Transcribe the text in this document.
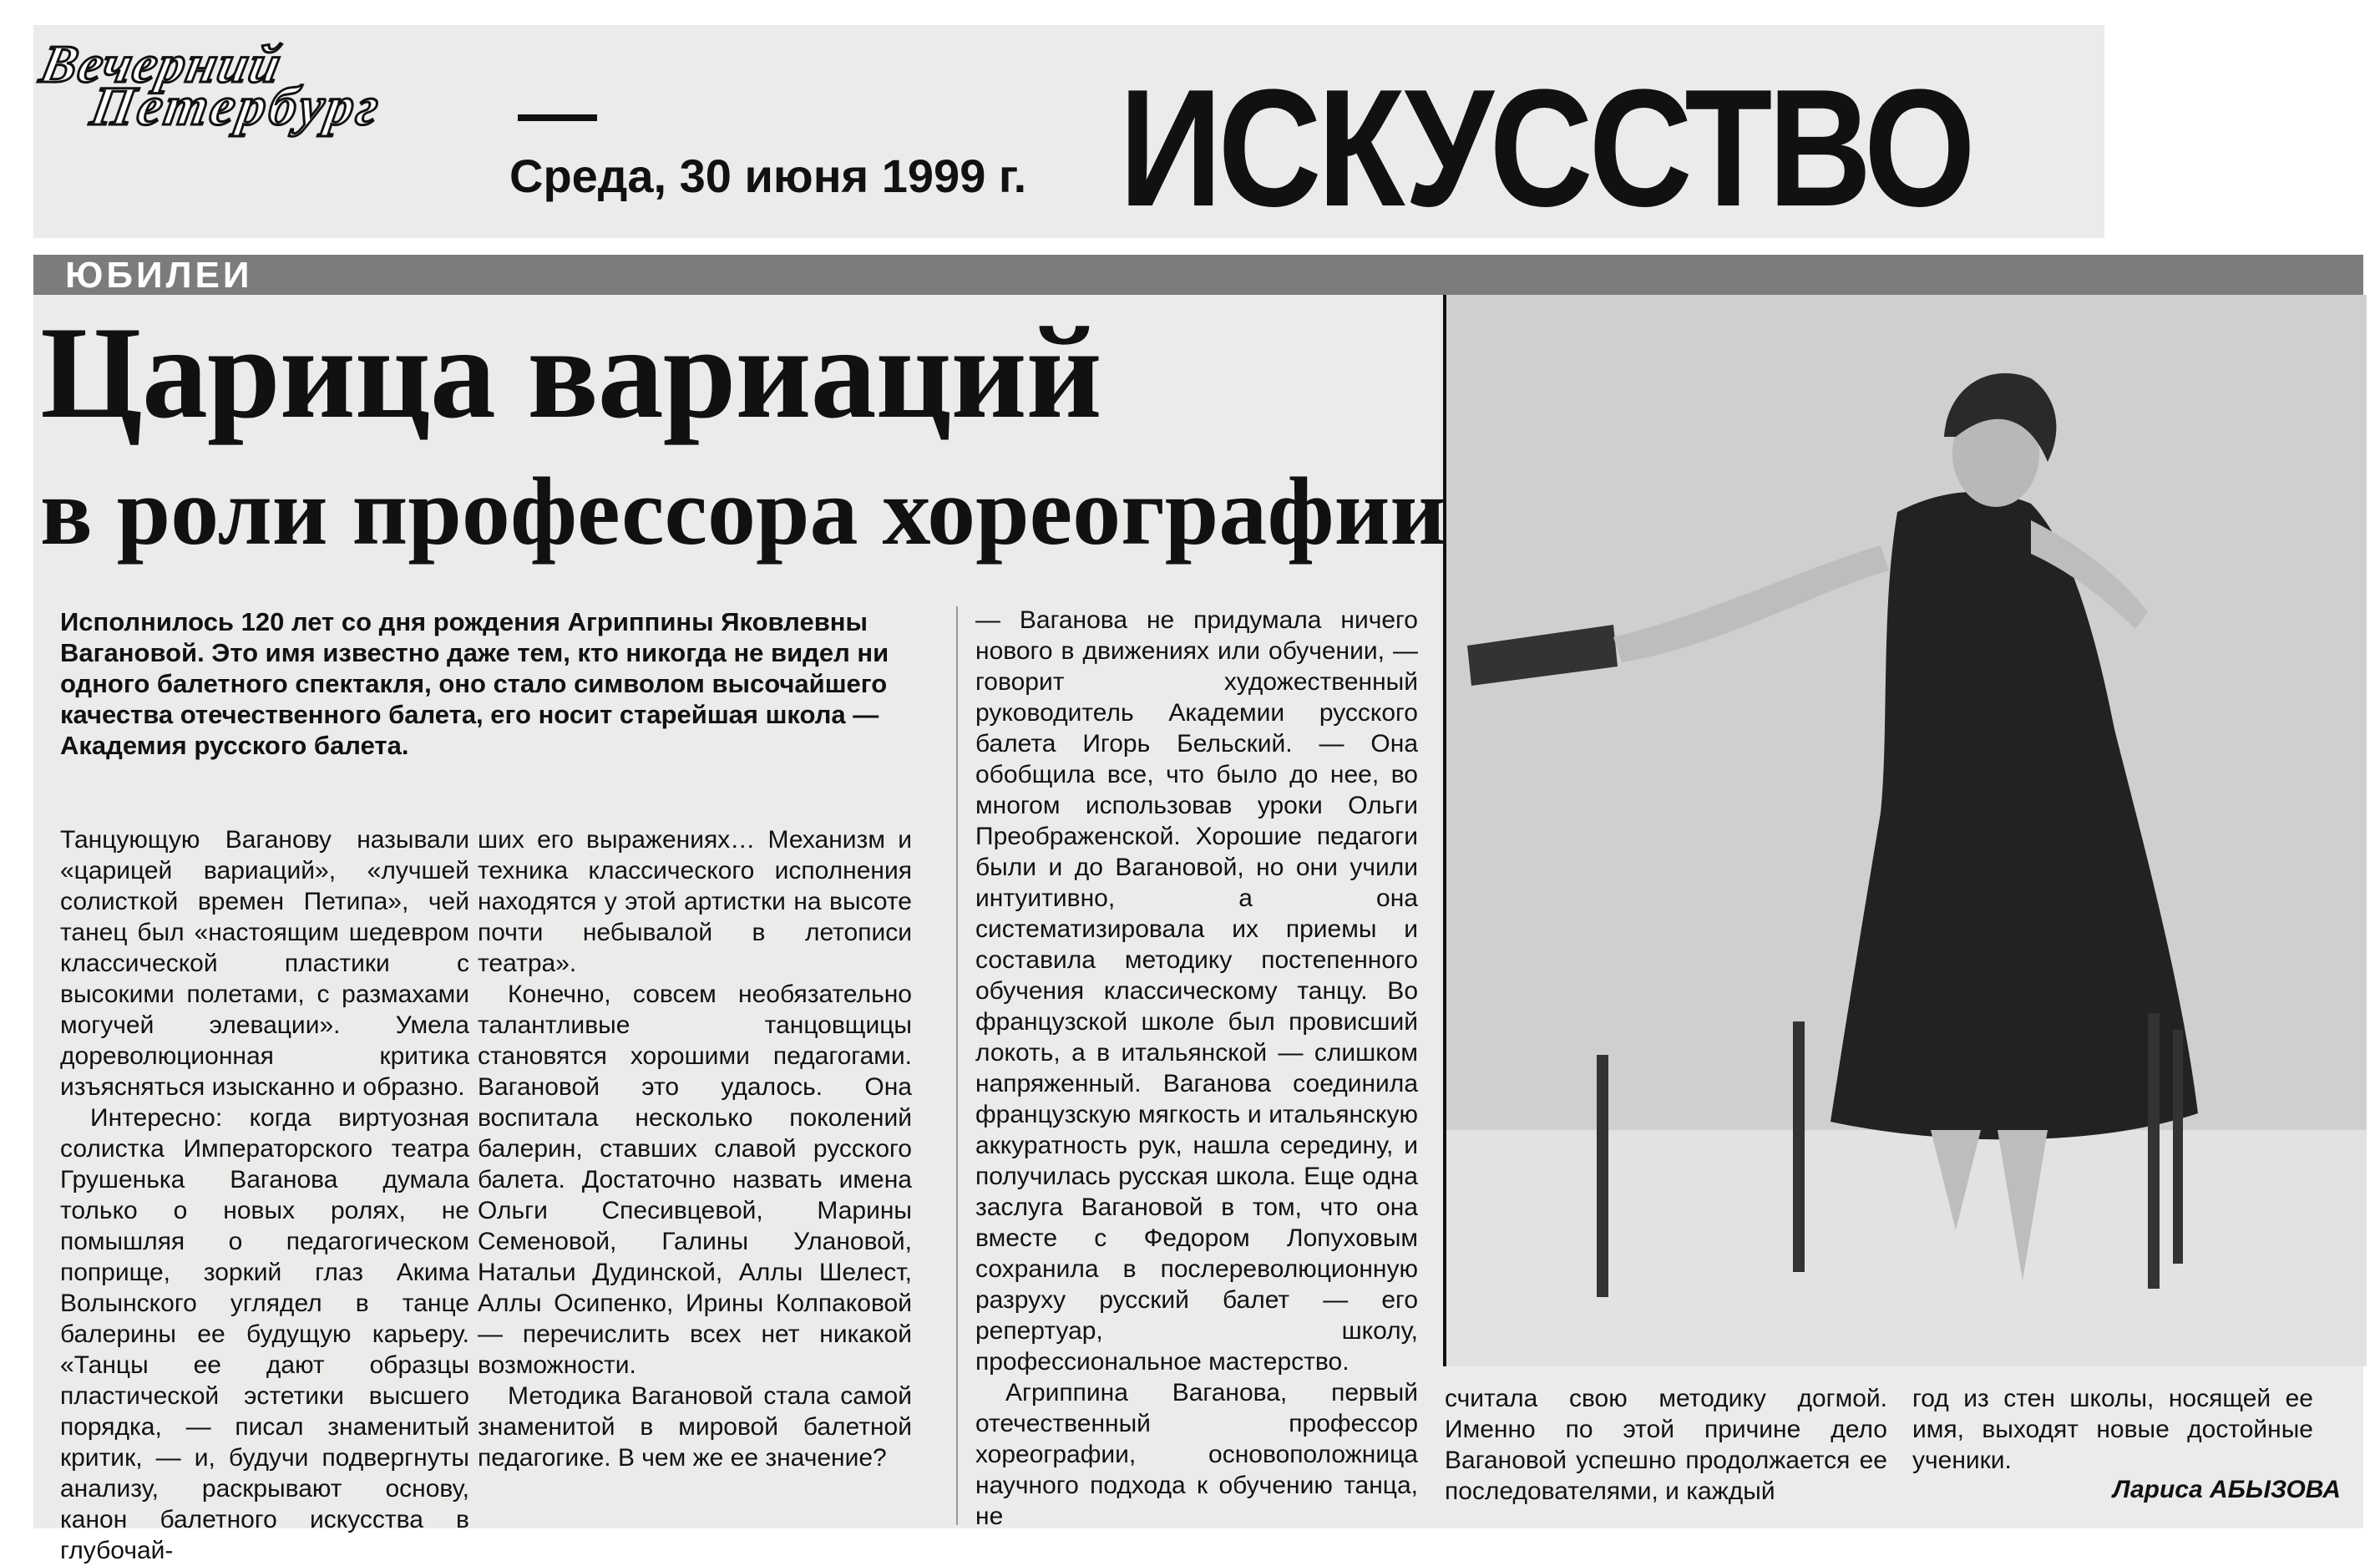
Вечерний
Петербург
Среда, 30 июня 1999 г. ИСКУССТВО
ЮБИЛЕИ
Царица вариаций
в роли профессора хореографии
Исполнилось 120 лет со дня рождения Агриппины Яковлевны Вагановой. Это имя известно даже тем, кто никогда не видел ни одного балетного спектакля, оно стало символом высочайшего качества отечественного балета, его носит старейшая школа — Академия русского балета.

Танцующую Ваганову называли «царицей вариаций», «лучшей солисткой времен Петипа», чей танец был «настоящим шедевром классической пластики с высокими полетами, с размахами могучей элевации». Умела дореволюционная критика изъясняться изысканно и образно.

Интересно: когда виртуозная солистка Императорского театра Грушенька Ваганова думала только о новых ролях, не помышляя о педагогическом поприще, зоркий глаз Акима Волынского углядел в танце балерины ее будущую карьеру. «Танцы ее дают образцы пластической эстетики высшего порядка, — писал знаменитый критик, — и, будучи подвергнуты анализу, раскрывают основу, канон балетного искусства в глубочай-

ших его выражениях… Механизм и техника классического исполнения находятся у этой артистки на высоте почти небывалой в летописи театра».

Конечно, совсем необязательно талантливые танцовщицы становятся хорошими педагогами. Вагановой это удалось. Она воспитала несколько поколений балерин, ставших славой русского балета. Достаточно назвать имена Ольги Спесивцевой, Марины Семеновой, Галины Улановой, Натальи Дудинской, Аллы Шелест, Аллы Осипенко, Ирины Колпаковой — перечислить всех нет никакой возможности.

Методика Вагановой стала самой знаменитой в мировой балетной педагогике. В чем же ее значение?

— Ваганова не придумала ничего нового в движениях или обучении, — говорит художественный руководитель Академии русского балета Игорь Бельский. — Она обобщила все, что было до нее, во многом использовав уроки Ольги Преображенской. Хорошие педагоги были и до Вагановой, но они учили интуитивно, а она систематизировала их приемы и составила методику постепенного обучения классическому танцу. Во французской школе был провисший локоть, а в итальянской — слишком напряженный. Ваганова соединила французскую мягкость и итальянскую аккуратность рук, нашла середину, и получилась русская школа. Еще одна заслуга Вагановой в том, что она вместе с Федором Лопуховым сохранила в послереволюционную разруху русский балет — его репертуар, школу, профессиональное мастерство.

Агриппина Ваганова, первый отечественный профессор хореографии, основоположница научного подхода к обучению танца, не

считала свою методику догмой. Именно по этой причине дело Вагановой успешно продолжается ее последователями, и каждый

год из стен школы, носящей ее имя, выходят новые достойные ученики.

Лариса АБЫЗОВА
